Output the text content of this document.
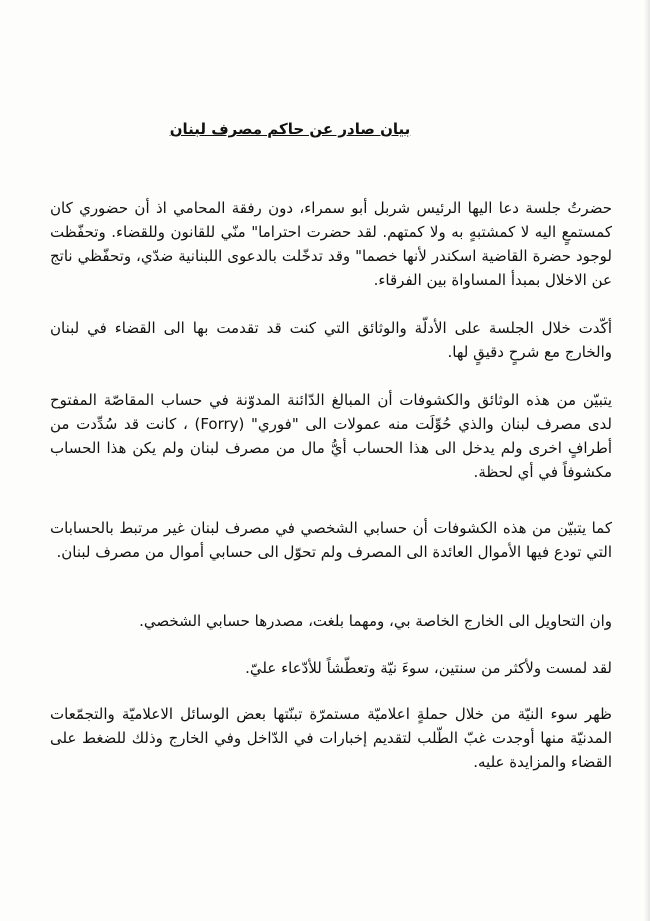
بيان صادر عن حاكم مصرف لبنان

حضرتُ جلسة دعا اليها الرئيس شربل أبو سمراء، دون رفقة المحامي اذ أن حضوري كان كمستمعٍ اليه لا كمشتبهٍ به ولا كمتهم. لقد حضرت احتراما" منّي للقانون وللقضاء. وتحفّظت لوجود حضرة القاضية اسكندر لأنها خصما" وقد تدخّلت بالدعوى اللبنانية ضدّي، وتحفّظي ناتج عن الاخلال بمبدأ المساواة بين الفرقاء.

أكّدت خلال الجلسة على الأدلّة والوثائق التي كنت قد تقدمت بها الى القضاء في لبنان والخارج مع شرحٍ دقيقٍ لها.

يتبيّن من هذه الوثائق والكشوفات أن المبالغ الدّائنة المدوّنة في حساب المقاصّة المفتوح لدى مصرف لبنان والذي حُوِّلَت منه عمولات الى "فوري" (Forry) ، كانت قد سُدِّدت من أطرافٍ اخرى ولم يدخل الى هذا الحساب أيُّ مال من مصرف لبنان ولم يكن هذا الحساب مكشوفاً في أي لحظة.

كما يتبيّن من هذه الكشوفات أن حسابي الشخصي في مصرف لبنان غير مرتبط بالحسابات التي تودع فيها الأموال العائدة الى المصرف ولم تحوّل الى حسابي أموال من مصرف لبنان.

وان التحاويل الى الخارج الخاصة بي، ومهما بلغت، مصدرها حسابي الشخصي.

لقد لمست ولأكثر من سنتين، سوءَ نيّة وتعطّشاً للأدّعاء عليّ.

ظهر سوء النيّة من خلال حملةٍ اعلاميّة مستمرّة تبنّتها بعض الوسائل الاعلاميّة والتجمّعات المدنيّة منها أوجدت غبّ الطّلب لتقديم إخبارات في الدّاخل وفي الخارج وذلك للضغط على القضاء والمزايدة عليه.
